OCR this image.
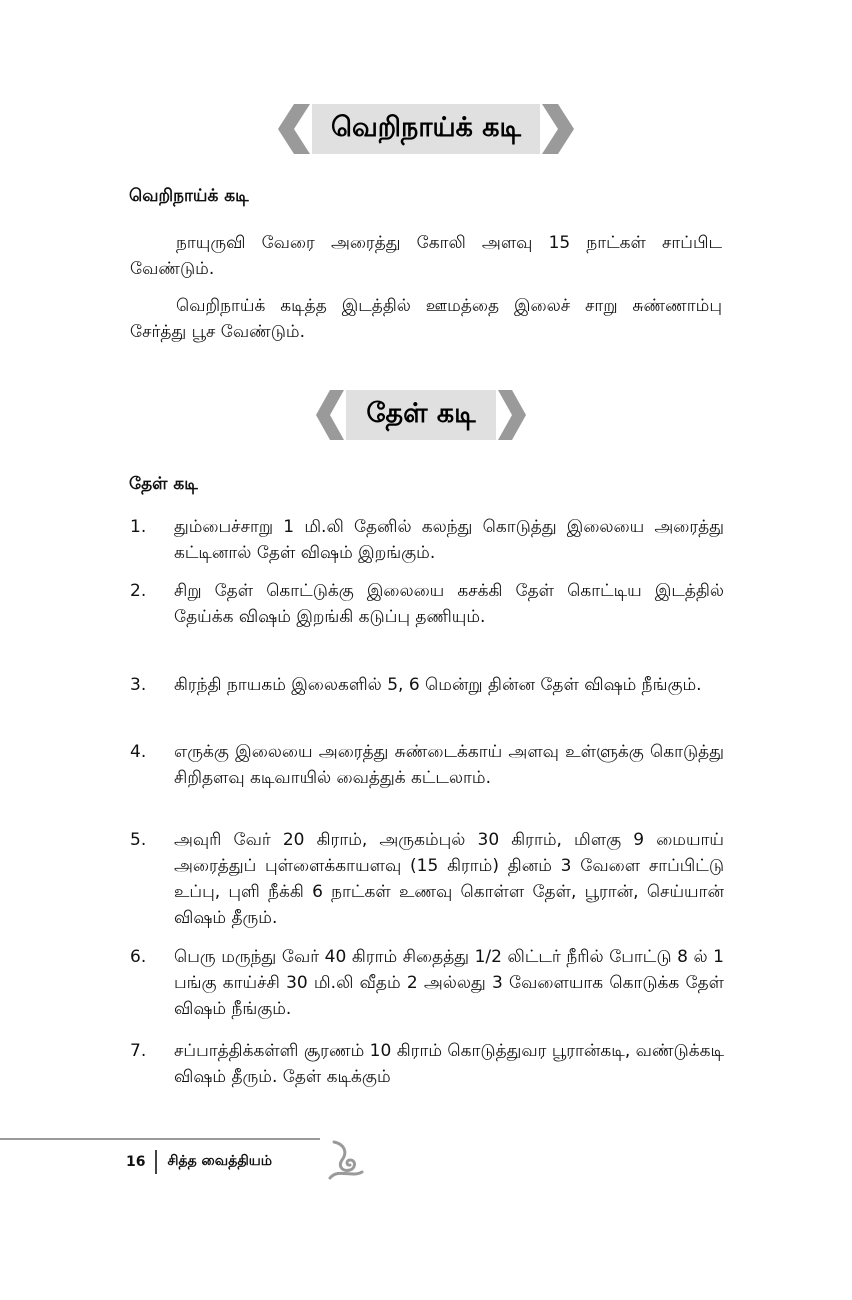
வெறிநாய்க் கடி
வெறிநாய்க் கடி
நாயுருவி வேரை அரைத்து கோலி அளவு 15 நாட்கள் சாப்பிட வேண்டும்.
வெறிநாய்க் கடித்த இடத்தில் ஊமத்தை இலைச் சாறு சுண்ணாம்பு சேர்த்து பூச வேண்டும்.
தேள் கடி
தேள் கடி
1.	தும்பைச்சாறு 1 மி.லி தேனில் கலந்து கொடுத்து இலையை அரைத்து கட்டினால் தேள் விஷம் இறங்கும்.
2.	சிறு தேள் கொட்டுக்கு இலையை கசக்கி தேள் கொட்டிய இடத்தில் தேய்க்க விஷம் இறங்கி கடுப்பு தணியும்.
3.	கிரந்தி நாயகம் இலைகளில் 5, 6 மென்று தின்ன தேள் விஷம் நீங்கும்.
4.	எருக்கு இலையை அரைத்து சுண்டைக்காய் அளவு உள்ளுக்கு கொடுத்து சிறிதளவு கடிவாயில் வைத்துக் கட்டலாம்.
5.	அவுரி வேர் 20 கிராம், அருகம்புல் 30 கிராம், மிளகு 9 மையாய் அரைத்துப் புள்ளைக்காயளவு (15 கிராம்) தினம் 3 வேளை சாப்பிட்டு உப்பு, புளி நீக்கி 6 நாட்கள் உணவு கொள்ள தேள், பூரான், செய்யான் விஷம் தீரும்.
6.	பெரு மருந்து வேர் 40 கிராம் சிதைத்து 1/2 லிட்டர் நீரில் போட்டு 8 ல் 1 பங்கு காய்ச்சி 30 மி.லி வீதம் 2 அல்லது 3 வேளையாக கொடுக்க தேள் விஷம் நீங்கும்.
7.	சப்பாத்திக்கள்ளி சூரணம் 10 கிராம் கொடுத்துவர பூரான்கடி, வண்டுக்கடி விஷம் தீரும். தேள் கடிக்கும்
16 சித்த வைத்தியம்
